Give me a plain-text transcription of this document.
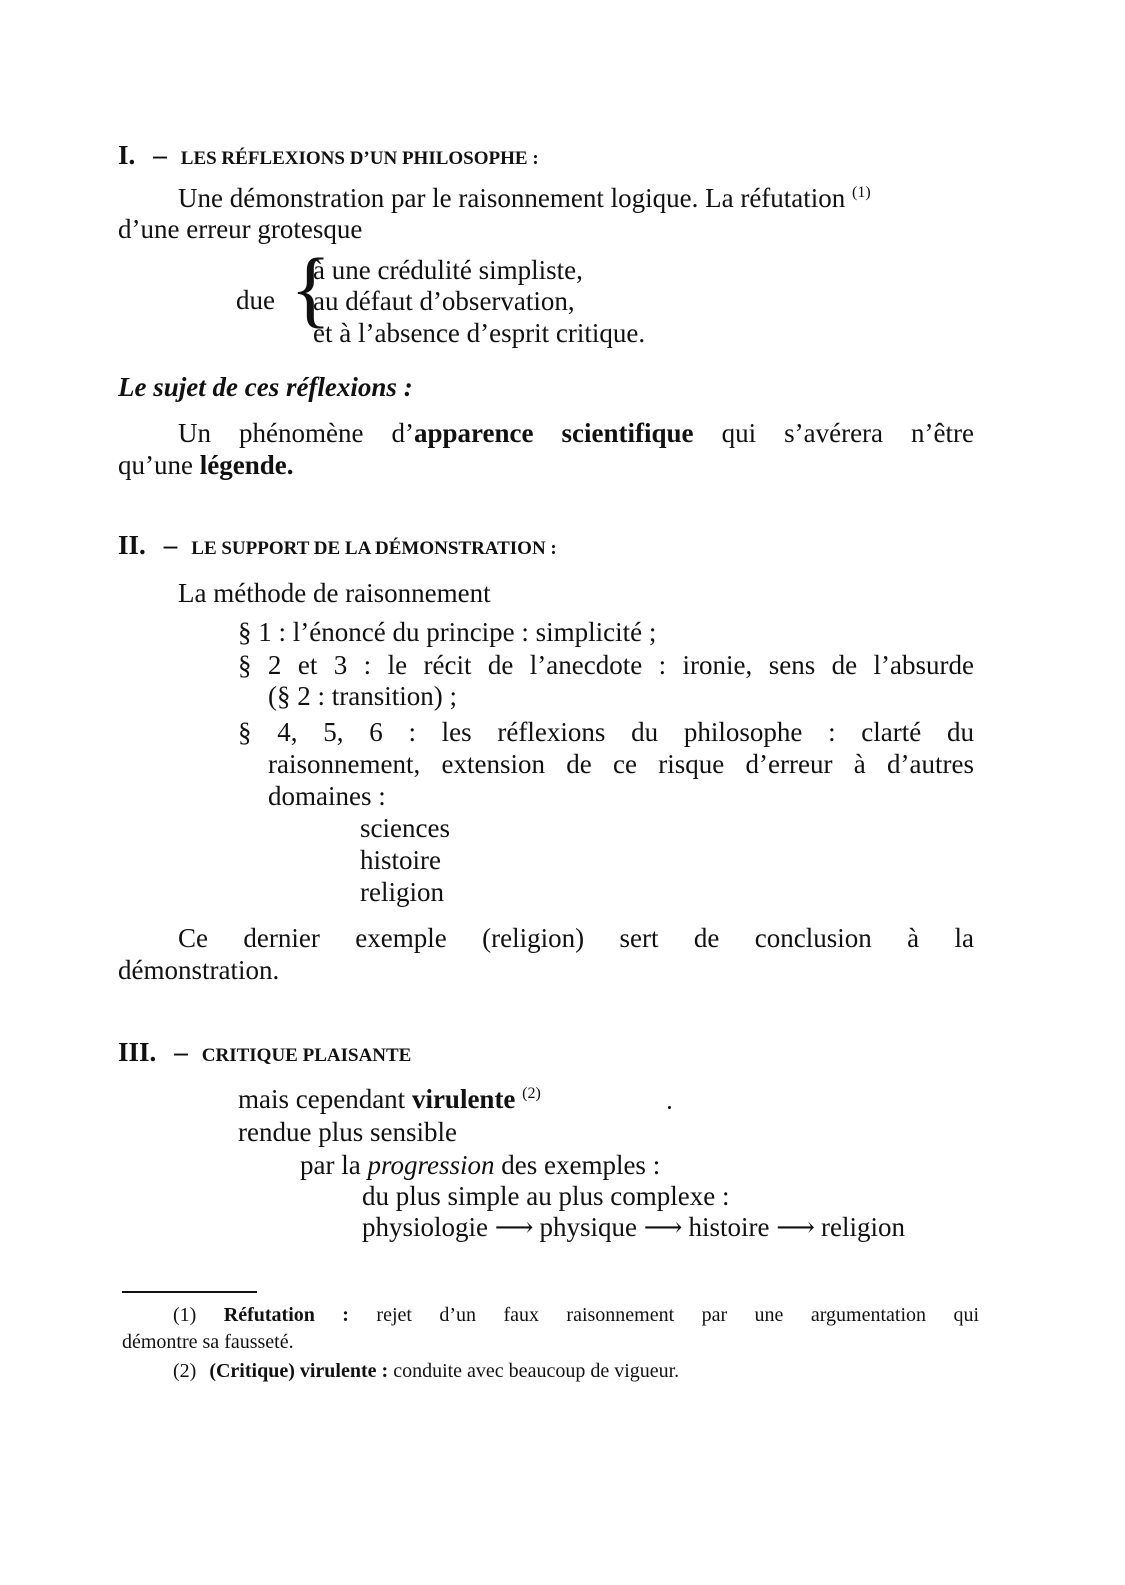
I. – LES RÉFLEXIONS D’UN PHILOSOPHE :
Une démonstration par le raisonnement logique. La réfutation $^{(1)}$
d’une erreur grotesque
due {
à une crédulité simpliste,
au défaut d’observation,
et à l’absence d’esprit critique.
Le sujet de ces réflexions :
Un phénomène d’apparence scientifique qui s’avérera n’être
qu’une légende.
II. – LE SUPPORT DE LA DÉMONSTRATION :
La méthode de raisonnement
§ 1 : l’énoncé du principe : simplicité ;
§ 2 et 3 : le récit de l’anecdote : ironie, sens de l’absurde
(§ 2 : transition) ;
§ 4, 5, 6 : les réflexions du philosophe : clarté du
raisonnement, extension de ce risque d’erreur à d’autres
domaines :
sciences
histoire
religion
Ce dernier exemple (religion) sert de conclusion à la
démonstration.
III. – CRITIQUE PLAISANTE
mais cependant virulente $^{(2)}$
rendue plus sensible
par la progression des exemples :
du plus simple au plus complexe :
physiologie ⟶ physique ⟶ histoire ⟶ religion
(1) Réfutation : rejet d’un faux raisonnement par une argumentation qui
démontre sa fausseté.
(2) (Critique) virulente : conduite avec beaucoup de vigueur.
